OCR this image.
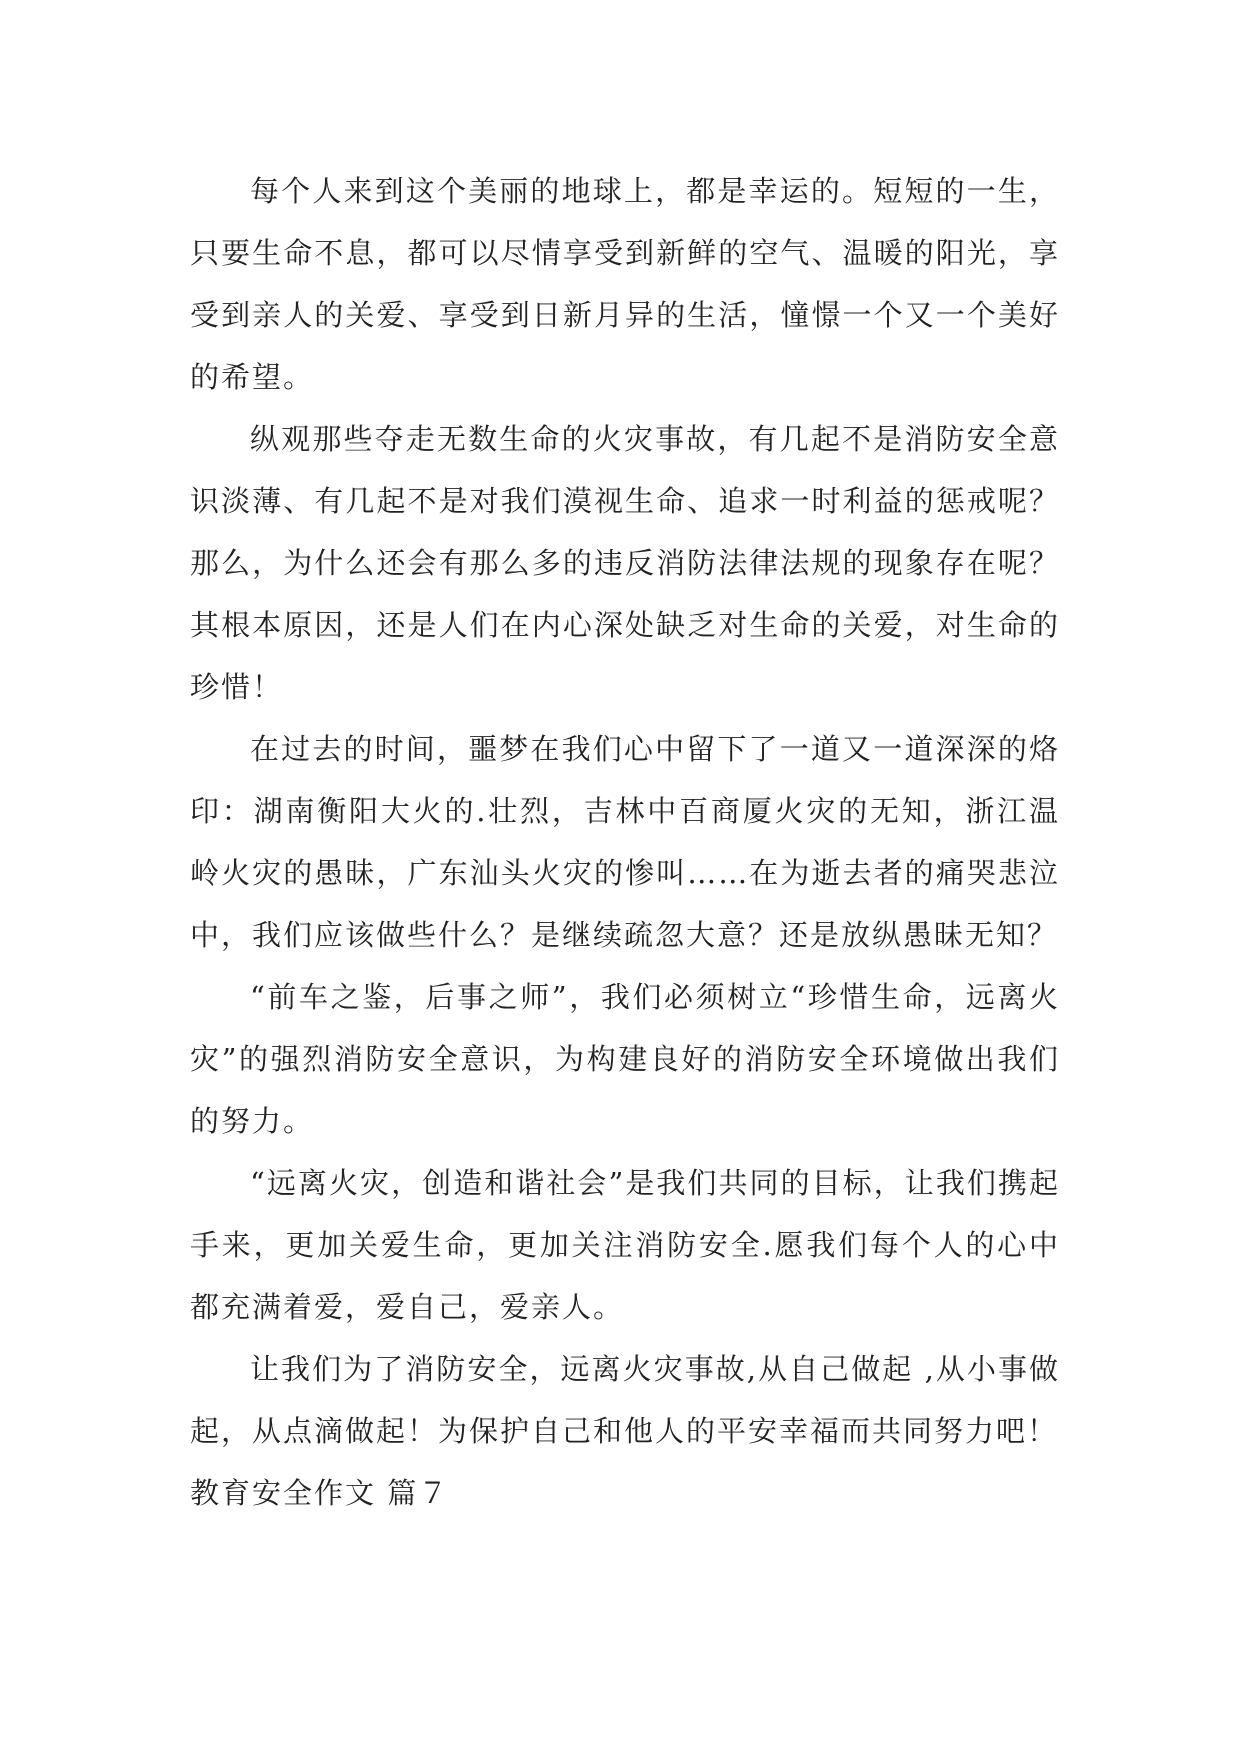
每个人来到这个美丽的地球上，都是幸运的。短短的一生，只要生命不息，都可以尽情享受到新鲜的空气、温暖的阳光，享受到亲人的关爱、享受到日新月异的生活，憧憬一个又一个美好的希望。

纵观那些夺走无数生命的火灾事故，有几起不是消防安全意识淡薄、有几起不是对我们漠视生命、追求一时利益的惩戒呢？那么，为什么还会有那么多的违反消防法律法规的现象存在呢？其根本原因，还是人们在内心深处缺乏对生命的关爱，对生命的珍惜！

在过去的时间，噩梦在我们心中留下了一道又一道深深的烙印：湖南衡阳大火的.壮烈，吉林中百商厦火灾的无知，浙江温岭火灾的愚昧，广东汕头火灾的惨叫……在为逝去者的痛哭悲泣中，我们应该做些什么？是继续疏忽大意？还是放纵愚昧无知？

“前车之鉴，后事之师”，我们必须树立“珍惜生命，远离火灾”的强烈消防安全意识，为构建良好的消防安全环境做出我们的努力。

“远离火灾，创造和谐社会”是我们共同的目标，让我们携起手来，更加关爱生命，更加关注消防安全.愿我们每个人的心中都充满着爱，爱自己，爱亲人。

让我们为了消防安全，远离火灾事故,从自己做起 ,从小事做起，从点滴做起！为保护自己和他人的平安幸福而共同努力吧！

教育安全作文 篇７
